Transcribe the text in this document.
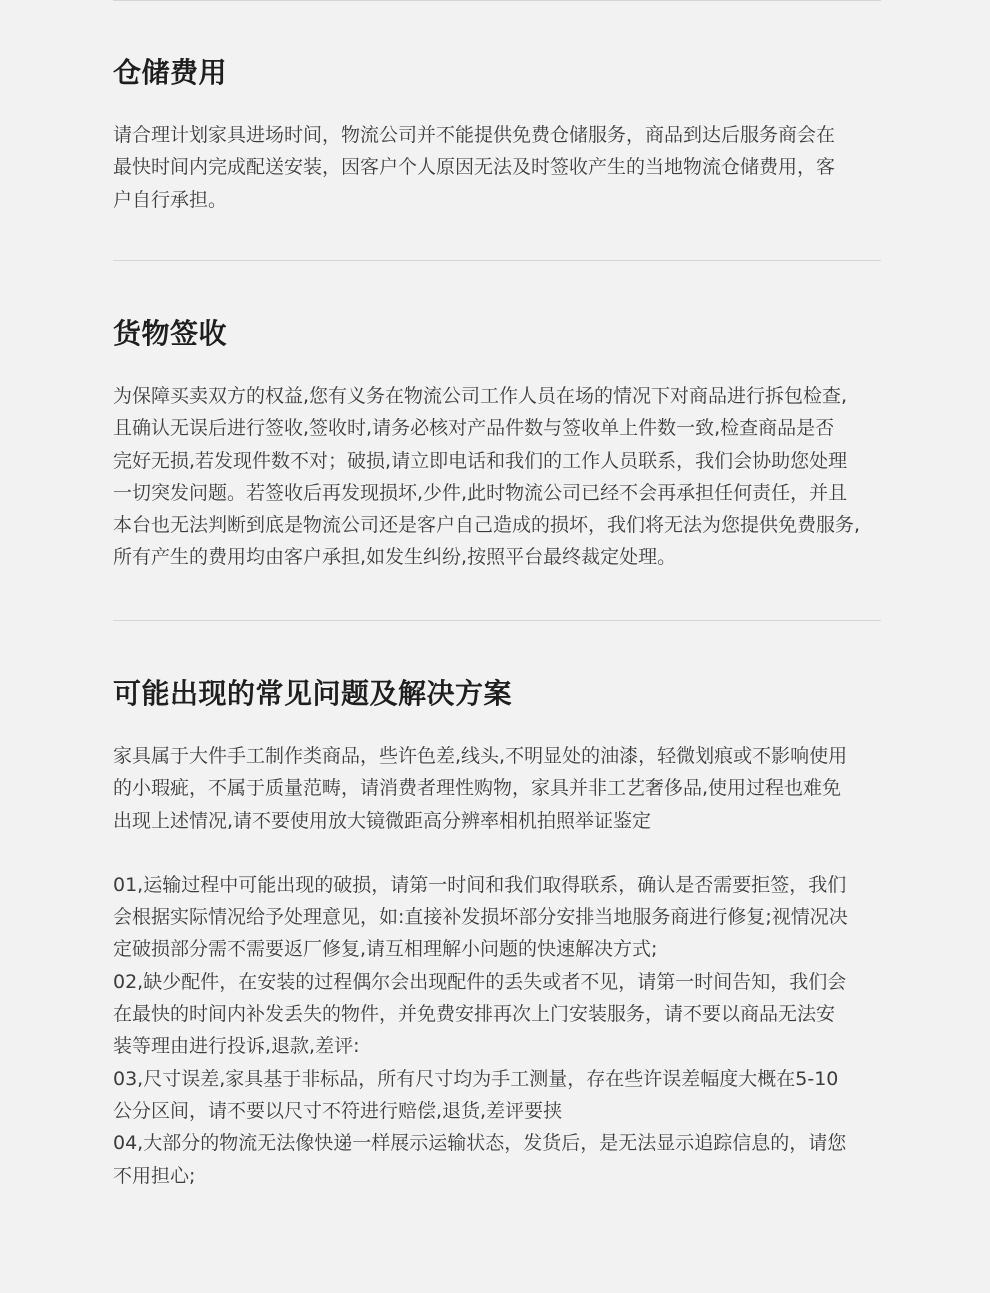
仓储费用

请合理计划家具进场时间，物流公司并不能提供免费仓储服务，商品到达后服务商会在
最快时间内完成配送安装，因客户个人原因无法及时签收产生的当地物流仓储费用，客
户自行承担。

货物签收

为保障买卖双方的权益,您有义务在物流公司工作人员在场的情况下对商品进行拆包检查,
且确认无误后进行签收,签收时,请务必核对产品件数与签收单上件数一致,检查商品是否
完好无损,若发现件数不对；破损,请立即电话和我们的工作人员联系，我们会协助您处理
一切突发问题。若签收后再发现损坏,少件,此时物流公司已经不会再承担任何责任，并且
本台也无法判断到底是物流公司还是客户自己造成的损坏，我们将无法为您提供免费服务,
所有产生的费用均由客户承担,如发生纠纷,按照平台最终裁定处理。

可能出现的常见问题及解决方案

家具属于大件手工制作类商品，些许色差,线头,不明显处的油漆，轻微划痕或不影响使用
的小瑕疵，不属于质量范畴，请消费者理性购物，家具并非工艺奢侈品,使用过程也难免
出现上述情况,请不要使用放大镜微距高分辨率相机拍照举证鉴定

01,运输过程中可能出现的破损，请第一时间和我们取得联系，确认是否需要拒签，我们
会根据实际情况给予处理意见，如:直接补发损坏部分安排当地服务商进行修复;视情况决
定破损部分需不需要返厂修复,请互相理解小问题的快速解决方式;
02,缺少配件，在安装的过程偶尔会出现配件的丢失或者不见，请第一时间告知，我们会
在最快的时间内补发丢失的物件，并免费安排再次上门安装服务，请不要以商品无法安
装等理由进行投诉,退款,差评:
03,尺寸误差,家具基于非标品，所有尺寸均为手工测量，存在些许误差幅度大概在5-10
公分区间，请不要以尺寸不符进行赔偿,退货,差评要挟
04,大部分的物流无法像快递一样展示运输状态，发货后，是无法显示追踪信息的，请您
不用担心;
